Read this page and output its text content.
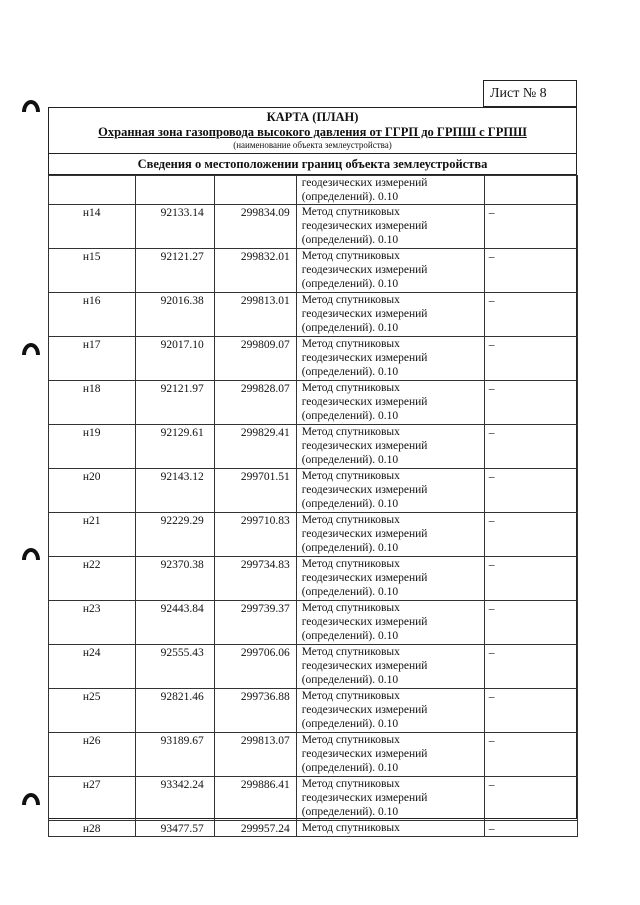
Лист № 8
КАРТА (ПЛАН)
Охранная зона газопровода высокого давления от ГГРП до ГРПШ с ГРПШ
(наименование объекта землеустройства)
Сведения о местоположении границ объекта землеустройства

			геодезических измерений
(определений). 0.10	

н14	92133.14	299834.09	Метод спутниковых
геодезических измерений
(определений). 0.10	–
н15	92121.27	299832.01	Метод спутниковых
геодезических измерений
(определений). 0.10	–
н16	92016.38	299813.01	Метод спутниковых
геодезических измерений
(определений). 0.10	–
н17	92017.10	299809.07	Метод спутниковых
геодезических измерений
(определений). 0.10	–
н18	92121.97	299828.07	Метод спутниковых
геодезических измерений
(определений). 0.10	–
н19	92129.61	299829.41	Метод спутниковых
геодезических измерений
(определений). 0.10	–
н20	92143.12	299701.51	Метод спутниковых
геодезических измерений
(определений). 0.10	–
н21	92229.29	299710.83	Метод спутниковых
геодезических измерений
(определений). 0.10	–
н22	92370.38	299734.83	Метод спутниковых
геодезических измерений
(определений). 0.10	–
н23	92443.84	299739.37	Метод спутниковых
геодезических измерений
(определений). 0.10	–
н24	92555.43	299706.06	Метод спутниковых
геодезических измерений
(определений). 0.10	–
н25	92821.46	299736.88	Метод спутниковых
геодезических измерений
(определений). 0.10	–
н26	93189.67	299813.07	Метод спутниковых
геодезических измерений
(определений). 0.10	–
н27	93342.24	299886.41	Метод спутниковых
геодезических измерений
(определений). 0.10	–
н28	93477.57	299957.24	Метод спутниковых	–
